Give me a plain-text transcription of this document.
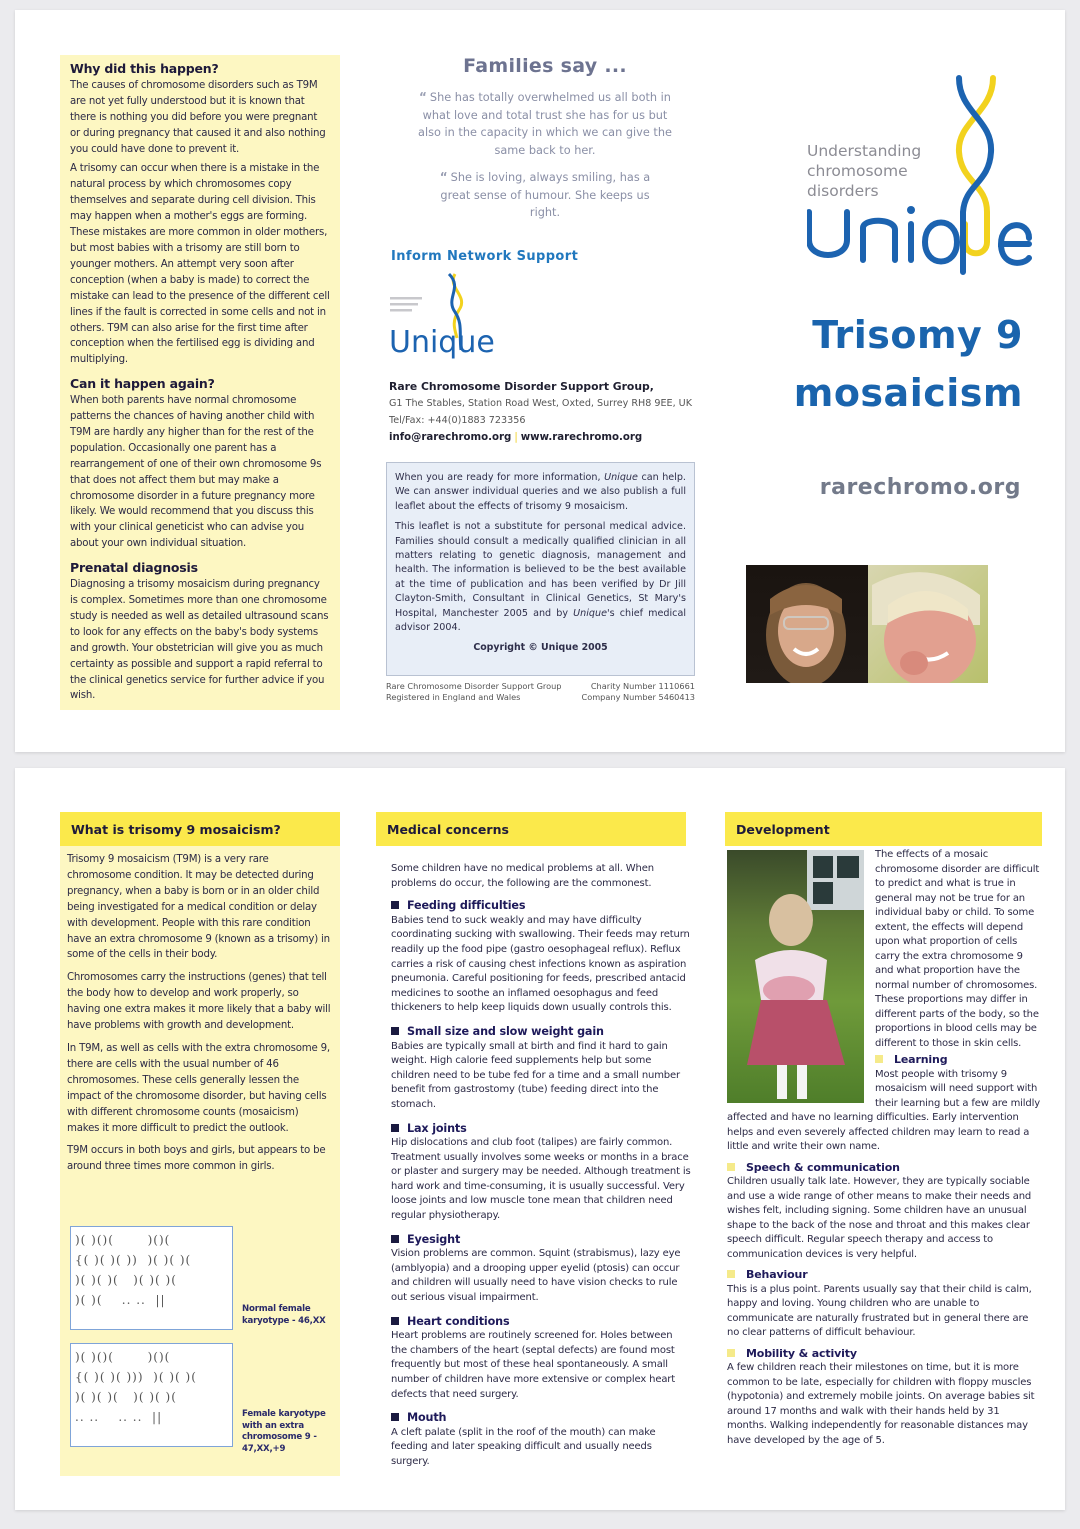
Why did this happen?

The causes of chromosome disorders such as T9M are not yet fully understood but it is known that there is nothing you did before you were pregnant or during pregnancy that caused it and also nothing you could have done to prevent it.

A trisomy can occur when there is a mistake in the natural process by which chromosomes copy themselves and separate during cell division. This may happen when a mother's eggs are forming. These mistakes are more common in older mothers, but most babies with a trisomy are still born to younger mothers. An attempt very soon after conception (when a baby is made) to correct the mistake can lead to the presence of the different cell lines if the fault is corrected in some cells and not in others. T9M can also arise for the first time after conception when the fertilised egg is dividing and multiplying.

Can it happen again?

When both parents have normal chromosome patterns the chances of having another child with T9M are hardly any higher than for the rest of the population. Occasionally one parent has a rearrangement of one of their own chromosome 9s that does not affect them but may make a chromosome disorder in a future pregnancy more likely. We would recommend that you discuss this with your clinical geneticist who can advise you about your own individual situation.

Prenatal diagnosis

Diagnosing a trisomy mosaicism during pregnancy is complex. Sometimes more than one chromosome study is needed as well as detailed ultrasound scans to look for any effects on the baby's body systems and growth. Your obstetrician will give you as much certainty as possible and support a rapid referral to the clinical genetics service for further advice if you wish.

Families say ...
“ She has totally overwhelmed us all both in what love and total trust she has for us but also in the capacity in which we can give the same back to her.
“ She is loving, always smiling, has a great sense of humour. She keeps us right.
Inform Network Support
Unique
Rare Chromosome Disorder Support Group,
G1 The Stables, Station Road West, Oxted, Surrey RH8 9EE, UK
Tel/Fax: +44(0)1883 723356
info@rarechromo.org | www.rarechromo.org

When you are ready for more information, Unique can help. We can answer individual queries and we also publish a full leaflet about the effects of trisomy 9 mosaicism.

This leaflet is not a substitute for personal medical advice. Families should consult a medically qualified clinician in all matters relating to genetic diagnosis, management and health. The information is believed to be the best available at the time of publication and has been verified by Dr Jill Clayton-Smith, Consultant in Clinical Genetics, St Mary's Hospital, Manchester 2005 and by Unique's chief medical advisor 2004.

Copyright © Unique 2005
Rare Chromosome Disorder Support Group
Registered in England and Wales
Charity Number 1110661
Company Number 5460413
Understanding
chromosome
disorders
Trisomy 9
mosaicism
rarechromo.org
What is trisomy 9 mosaicism?

Trisomy 9 mosaicism (T9M) is a very rare chromosome condition. It may be detected during pregnancy, when a baby is born or in an older child being investigated for a medical condition or delay with development. People with this rare condition have an extra chromosome 9 (known as a trisomy) in some of the cells in their body.

Chromosomes carry the instructions (genes) that tell the body how to develop and work properly, so having one extra makes it more likely that a baby will have problems with growth and development.

In T9M, as well as cells with the extra chromosome 9, there are cells with the usual number of 46 chromosomes. These cells generally lessen the impact of the chromosome disorder, but having cells with different chromosome counts (mosaicism) makes it more difficult to predict the outlook.

T9M occurs in both boys and girls, but appears to be around three times more common in girls.

)( )()(       )()(
{( )( )( ))  )( )( )(
)( )( )(   )( )( )(
)( )(    .. ..  ||
Normal female karyotype - 46,XX
)( )()(       )()(
{( )( )( )))  )( )( )(
)( )( )(   )( )( )(
.. ..    .. ..  ||	Female karyotype with an extra chromosome 9 - 47,XX,+9
Medical concerns

Some children have no medical problems at all. When problems do occur, the following are the commonest.

Feeding difficulties
Babies tend to suck weakly and may have difficulty coordinating sucking with swallowing. Their feeds may return readily up the food pipe (gastro oesophageal reflux). Reflux carries a risk of causing chest infections known as aspiration pneumonia. Careful positioning for feeds, prescribed antacid medicines to soothe an inflamed oesophagus and feed thickeners to help keep liquids down usually controls this.
Small size and slow weight gain
Babies are typically small at birth and find it hard to gain weight. High calorie feed supplements help but some children need to be tube fed for a time and a small number benefit from gastrostomy (tube) feeding direct into the stomach.
Lax joints
Hip dislocations and club foot (talipes) are fairly common. Treatment usually involves some weeks or months in a brace or plaster and surgery may be needed. Although treatment is hard work and time-consuming, it is usually successful. Very loose joints and low muscle tone mean that children need regular physiotherapy.
Eyesight
Vision problems are common. Squint (strabismus), lazy eye (amblyopia) and a drooping upper eyelid (ptosis) can occur and children will usually need to have vision checks to rule out serious visual impairment.
Heart conditions
Heart problems are routinely screened for. Holes between the chambers of the heart (septal defects) are found most frequently but most of these heal spontaneously. A small number of children have more extensive or complex heart defects that need surgery.
Mouth
A cleft palate (split in the roof of the mouth) can make feeding and later speaking difficult and usually needs surgery.
Development

The effects of a mosaic chromosome disorder are difficult to predict and what is true in general may not be true for an individual baby or child. To some extent, the effects will depend upon what proportion of cells carry the extra chromosome 9 and what proportion have the normal number of chromosomes. These proportions may differ in different parts of the body, so the proportions in blood cells may be different to those in skin cells.

Learning
Most people with trisomy 9 mosaicism will need support with their learning but a few are mildly affected and have no learning difficulties. Early intervention helps and even severely affected children may learn to read a little and write their own name.
Speech & communication
Children usually talk late. However, they are typically sociable and use a wide range of other means to make their needs and wishes felt, including signing. Some children have an unusual shape to the back of the nose and throat and this makes clear speech difficult. Regular speech therapy and access to communication devices is very helpful.
Behaviour
This is a plus point. Parents usually say that their child is calm, happy and loving. Young children who are unable to communicate are naturally frustrated but in general there are no clear patterns of difficult behaviour.
Mobility & activity
A few children reach their milestones on time, but it is more common to be late, especially for children with floppy muscles (hypotonia) and extremely mobile joints. On average babies sit around 17 months and walk with their hands held by 31 months. Walking independently for reasonable distances may have developed by the age of 5.
